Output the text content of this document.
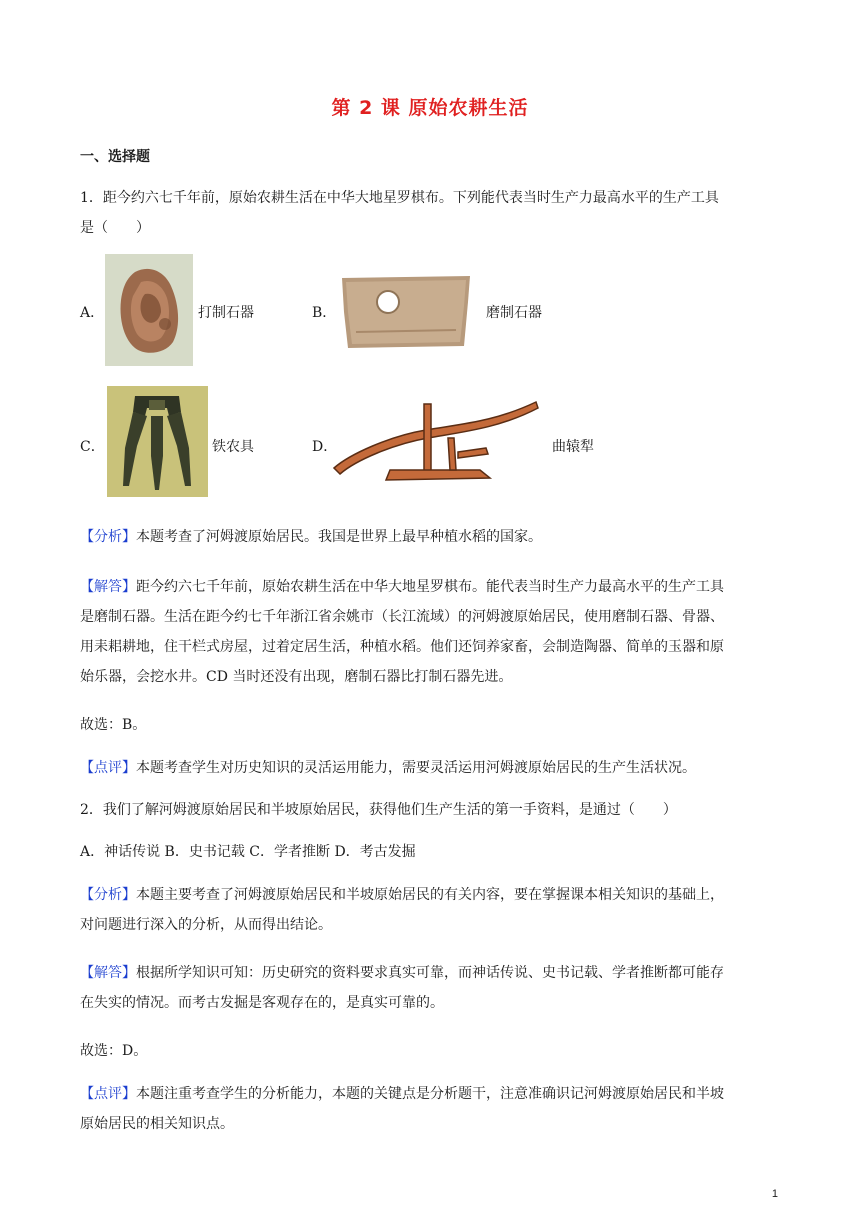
第 2 课 原始农耕生活
一、选择题
1．距今约六七千年前，原始农耕生活在中华大地星罗棋布。下列能代表当时生产力最高水平的生产工具
是（　　）
A．	打制石器	B．	磨制石器
C．	铁农具	D．	曲辕犁
【分析】本题考查了河姆渡原始居民。我国是世界上最早种植水稻的国家。
【解答】距今约六七千年前，原始农耕生活在中华大地星罗棋布。能代表当时生产力最高水平的生产工具
是磨制石器。生活在距今约七千年浙江省余姚市（长江流域）的河姆渡原始居民，使用磨制石器、骨器、
用耒耜耕地，住干栏式房屋，过着定居生活，种植水稻。他们还饲养家畜，会制造陶器、简单的玉器和原
始乐器，会挖水井。CD 当时还没有出现，磨制石器比打制石器先进。
故选：B。
【点评】本题考查学生对历史知识的灵活运用能力，需要灵活运用河姆渡原始居民的生产生活状况。
2．我们了解河姆渡原始居民和半坡原始居民，获得他们生产生活的第一手资料，是通过（　　）
A．神话传说 B．史书记载 C．学者推断 D．考古发掘
【分析】本题主要考查了河姆渡原始居民和半坡原始居民的有关内容，要在掌握课本相关知识的基础上，
对问题进行深入的分析，从而得出结论。
【解答】根据所学知识可知：历史研究的资料要求真实可靠，而神话传说、史书记载、学者推断都可能存
在失实的情况。而考古发掘是客观存在的，是真实可靠的。
故选：D。
【点评】本题注重考查学生的分析能力，本题的关键点是分析题干，注意准确识记河姆渡原始居民和半坡
原始居民的相关知识点。
1
